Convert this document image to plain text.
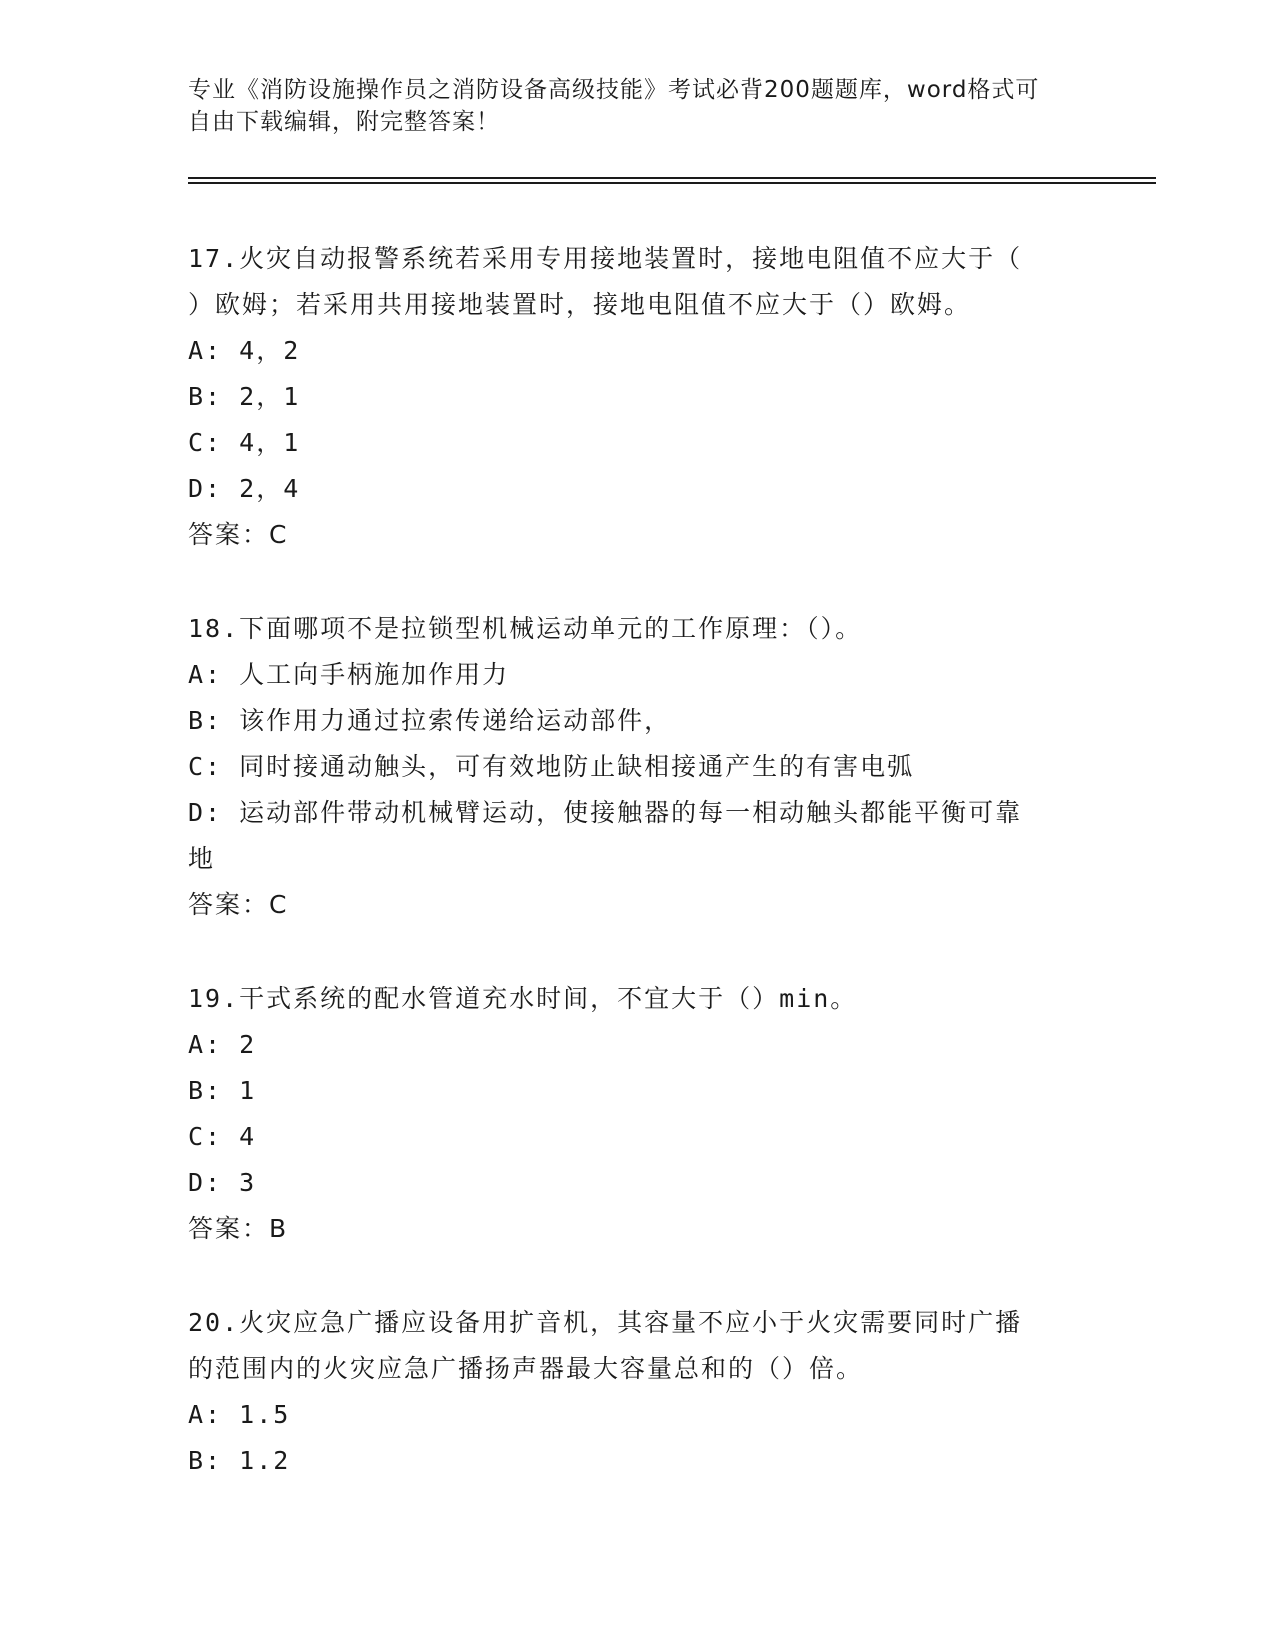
专业《消防设施操作员之消防设备高级技能》考试必背200题题库，word格式可
自由下载编辑，附完整答案！
17.火灾自动报警系统若采用专用接地装置时，接地电阻值不应大于（
）欧姆；若采用共用接地装置时，接地电阻值不应大于（）欧姆。
A: 4，2
B: 2，1
C: 4，1
D: 2，4
答案：C
18.下面哪项不是拉锁型机械运动单元的工作原理：（）。
A: 人工向手柄施加作用力
B: 该作用力通过拉索传递给运动部件，
C: 同时接通动触头，可有效地防止缺相接通产生的有害电弧
D: 运动部件带动机械臂运动，使接触器的每一相动触头都能平衡可靠
地
答案：C
19.干式系统的配水管道充水时间，不宜大于（）min。
A: 2
B: 1
C: 4
D: 3
答案：B
20.火灾应急广播应设备用扩音机，其容量不应小于火灾需要同时广播
的范围内的火灾应急广播扬声器最大容量总和的（）倍。
A: 1.5
B: 1.2
